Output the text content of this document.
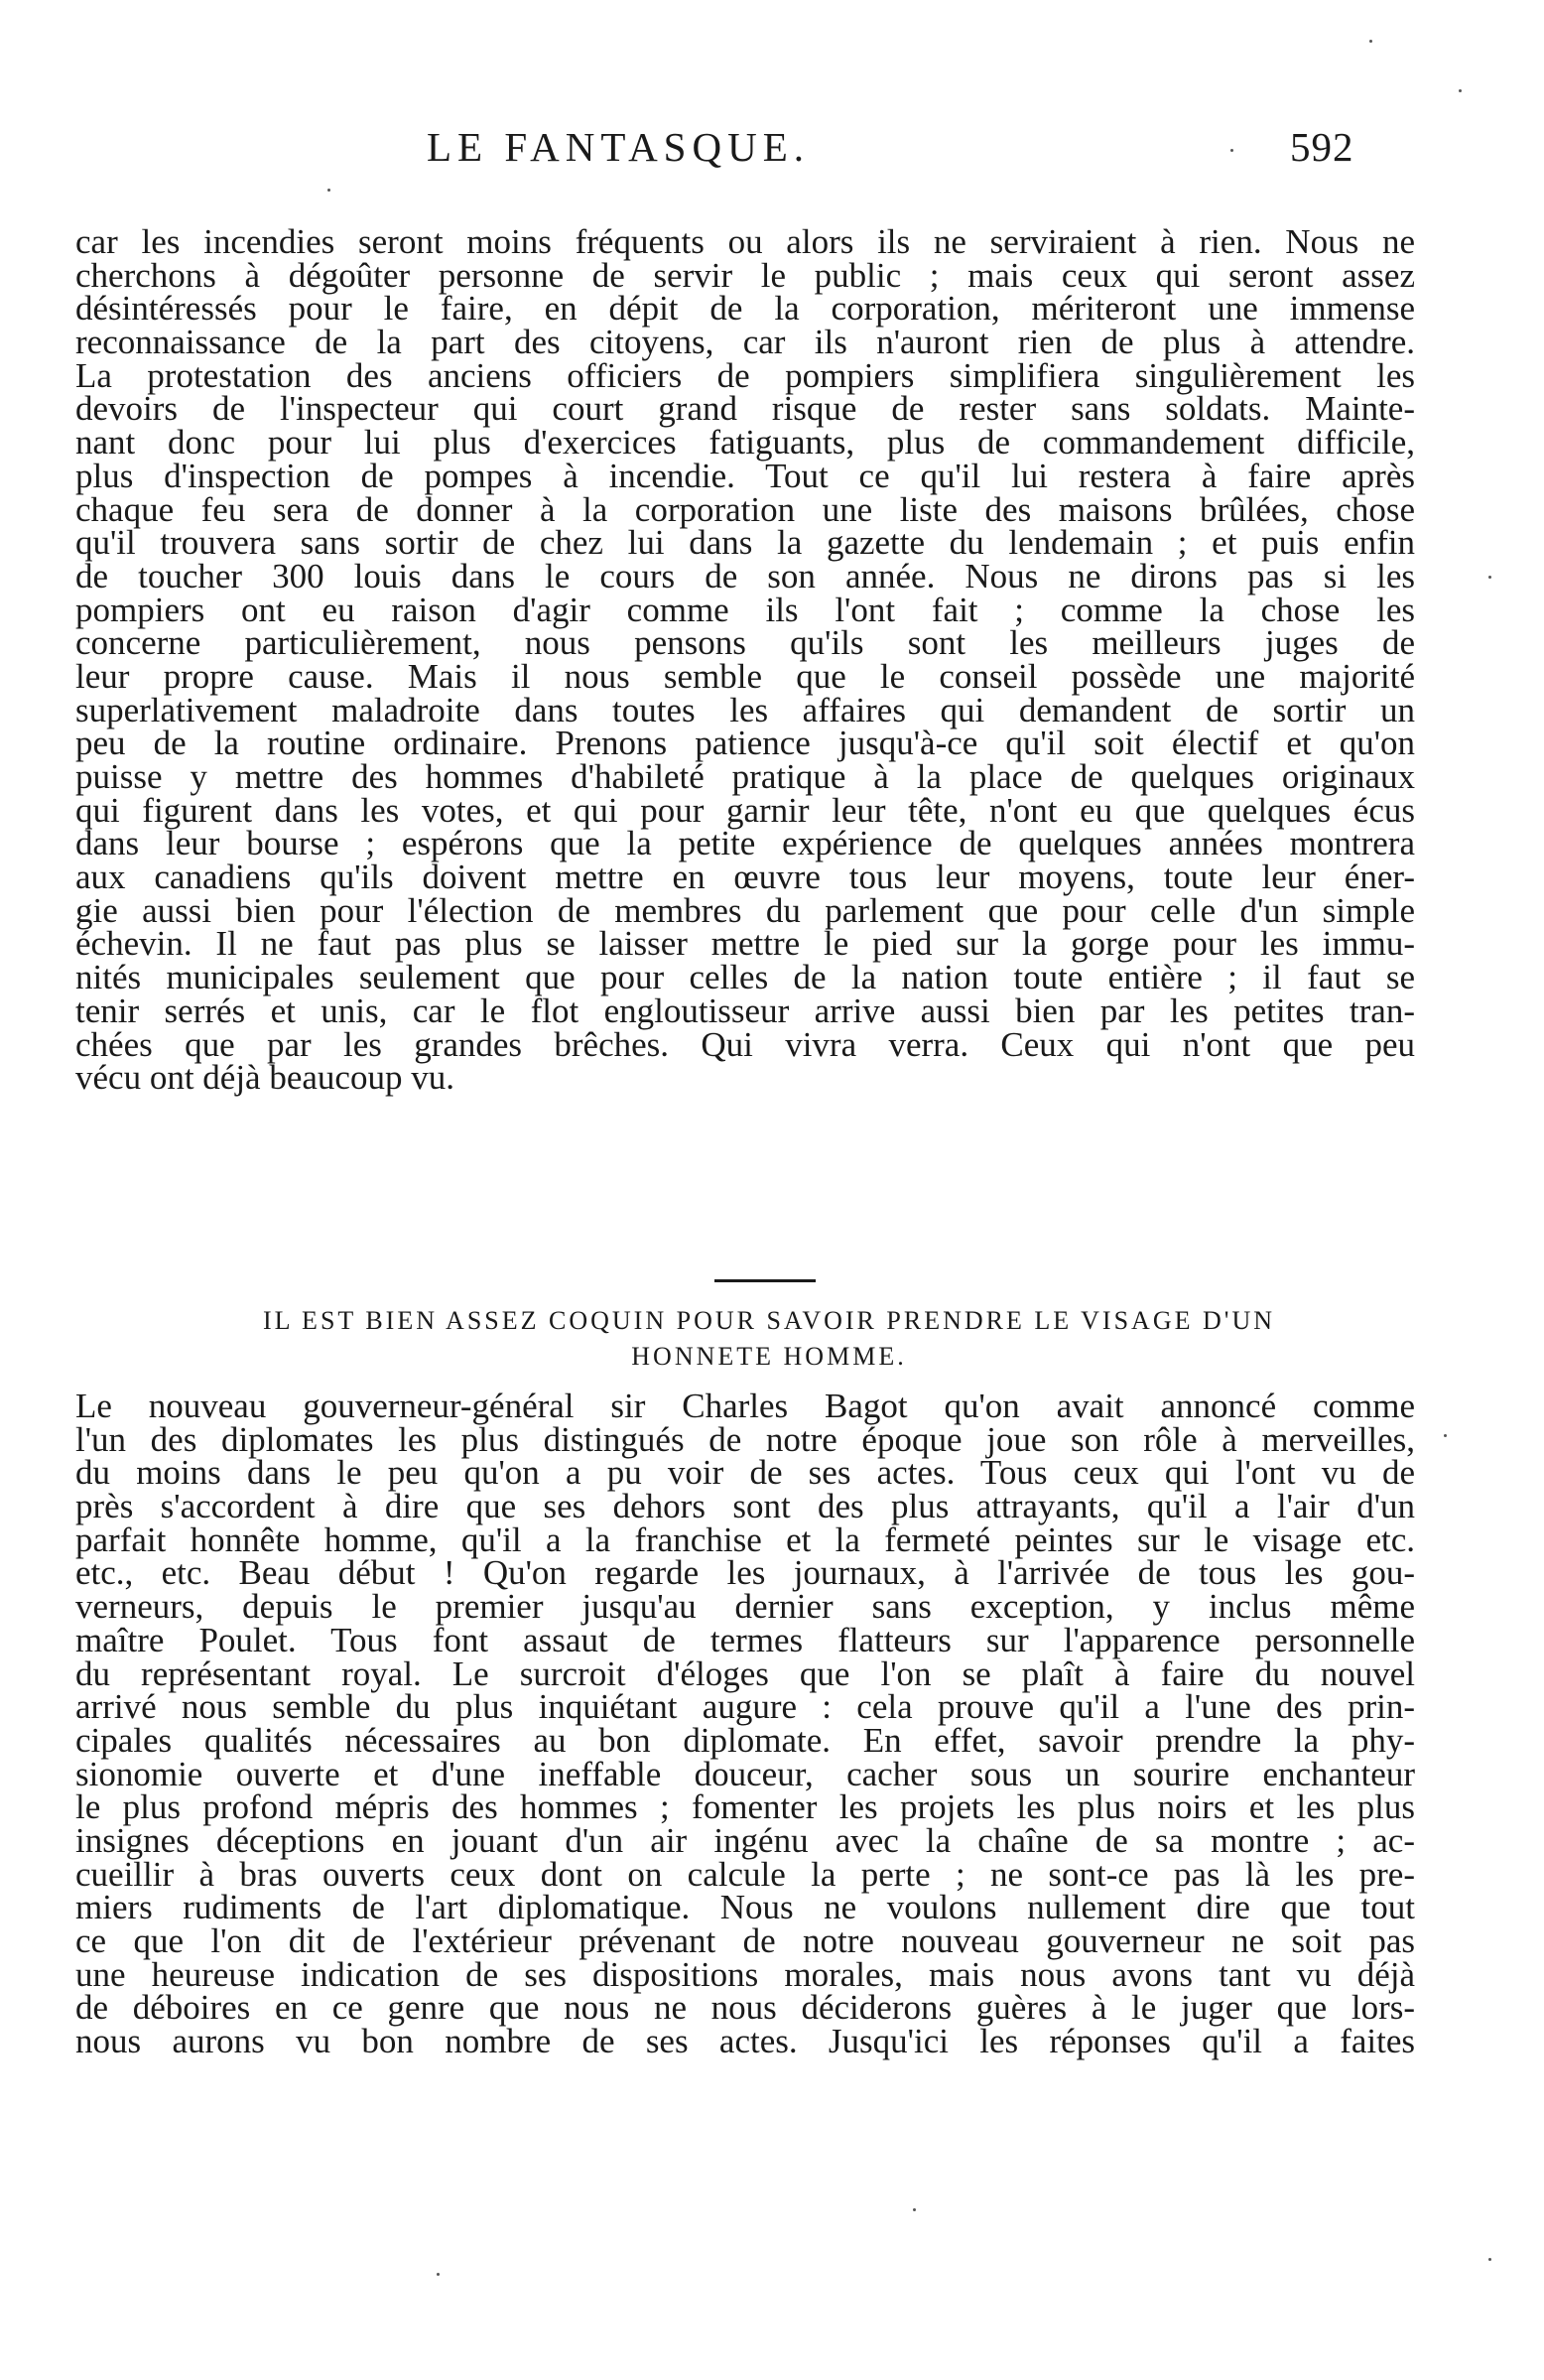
LE FANTASQUE.	592
car les incendies seront moins fréquents ou alors ils ne serviraient à rien. Nous ne
cherchons à dégoûter personne de servir le public ; mais ceux qui seront assez
désintéressés pour le faire, en dépit de la corporation, mériteront une immense
reconnaissance de la part des citoyens, car ils n'auront rien de plus à attendre.
La protestation des anciens officiers de pompiers simplifiera singulièrement les
devoirs de l'inspecteur qui court grand risque de rester sans soldats. Mainte-
nant donc pour lui plus d'exercices fatiguants, plus de commandement difficile,
plus d'inspection de pompes à incendie. Tout ce qu'il lui restera à faire après
chaque feu sera de donner à la corporation une liste des maisons brûlées, chose
qu'il trouvera sans sortir de chez lui dans la gazette du lendemain ; et puis enfin
de toucher 300 louis dans le cours de son année. Nous ne dirons pas si les
pompiers ont eu raison d'agir comme ils l'ont fait ; comme la chose les
concerne particulièrement, nous pensons qu'ils sont les meilleurs juges de
leur propre cause. Mais il nous semble que le conseil possède une majorité
superlativement maladroite dans toutes les affaires qui demandent de sortir un
peu de la routine ordinaire. Prenons patience jusqu'à-ce qu'il soit électif et qu'on
puisse y mettre des hommes d'habileté pratique à la place de quelques originaux
qui figurent dans les votes, et qui pour garnir leur tête, n'ont eu que quelques écus
dans leur bourse ; espérons que la petite expérience de quelques années montrera
aux canadiens qu'ils doivent mettre en œuvre tous leur moyens, toute leur éner-
gie aussi bien pour l'élection de membres du parlement que pour celle d'un simple
échevin. Il ne faut pas plus se laisser mettre le pied sur la gorge pour les immu-
nités municipales seulement que pour celles de la nation toute entière ; il faut se
tenir serrés et unis, car le flot engloutisseur arrive aussi bien par les petites tran-
chées que par les grandes brêches. Qui vivra verra. Ceux qui n'ont que peu
vécu ont déjà beaucoup vu.
IL EST BIEN ASSEZ COQUIN POUR SAVOIR PRENDRE LE VISAGE D'UN
HONNETE HOMME.
Le nouveau gouverneur-général sir Charles Bagot qu'on avait annoncé comme
l'un des diplomates les plus distingués de notre époque joue son rôle à merveilles,
du moins dans le peu qu'on a pu voir de ses actes. Tous ceux qui l'ont vu de
près s'accordent à dire que ses dehors sont des plus attrayants, qu'il a l'air d'un
parfait honnête homme, qu'il a la franchise et la fermeté peintes sur le visage etc.
etc., etc. Beau début ! Qu'on regarde les journaux, à l'arrivée de tous les gou-
verneurs, depuis le premier jusqu'au dernier sans exception, y inclus même
maître Poulet. Tous font assaut de termes flatteurs sur l'apparence personnelle
du représentant royal. Le surcroit d'éloges que l'on se plaît à faire du nouvel
arrivé nous semble du plus inquiétant augure : cela prouve qu'il a l'une des prin-
cipales qualités nécessaires au bon diplomate. En effet, savoir prendre la phy-
sionomie ouverte et d'une ineffable douceur, cacher sous un sourire enchanteur
le plus profond mépris des hommes ; fomenter les projets les plus noirs et les plus
insignes déceptions en jouant d'un air ingénu avec la chaîne de sa montre ; ac-
cueillir à bras ouverts ceux dont on calcule la perte ; ne sont-ce pas là les pre-
miers rudiments de l'art diplomatique. Nous ne voulons nullement dire que tout
ce que l'on dit de l'extérieur prévenant de notre nouveau gouverneur ne soit pas
une heureuse indication de ses dispositions morales, mais nous avons tant vu déjà
de déboires en ce genre que nous ne nous déciderons guères à le juger que lors-
nous aurons vu bon nombre de ses actes. Jusqu'ici les réponses qu'il a faites
